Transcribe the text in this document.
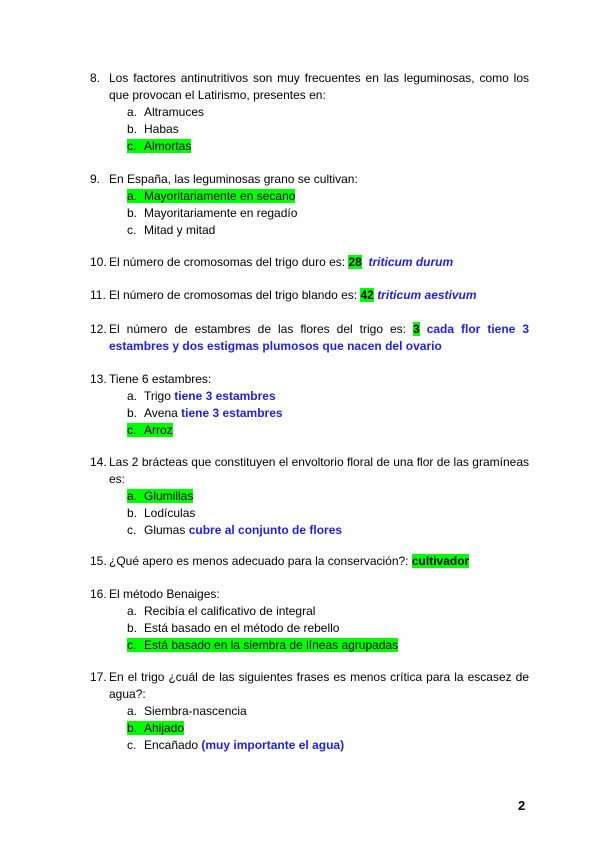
8. Los factores antinutritivos son muy frecuentes en las leguminosas, como los que provocan el Latirismo, presentes en:
a. Altramuces
b. Habas
c. Almortas
9. En España, las leguminosas grano se cultivan:
a. Mayoritariamente en secano
b. Mayoritariamente en regadío
c. Mitad y mitad
10. El número de cromosomas del trigo duro es: 28 triticum durum
11. El número de cromosomas del trigo blando es: 42 triticum aestivum
12. El número de estambres de las flores del trigo es: 3 cada flor tiene 3 estambres y dos estigmas plumosos que nacen del ovario
13. Tiene 6 estambres:
a. Trigo tiene 3 estambres
b. Avena tiene 3 estambres
c. Arroz
14. Las 2 brácteas que constituyen el envoltorio floral de una flor de las gramíneas es:
a. Glumillas
b. Lodículas
c. Glumas cubre al conjunto de flores
15. ¿Qué apero es menos adecuado para la conservación?: cultivador
16. El método Benaiges:
a. Recibía el calificativo de integral
b. Está basado en el método de rebello
c. Está basado en la siembra de líneas agrupadas
17. En el trigo ¿cuál de las siguientes frases es menos crítica para la escasez de agua?:
a. Siembra-nascencia
b. Ahijado
c. Encañado (muy importante el agua)
2
